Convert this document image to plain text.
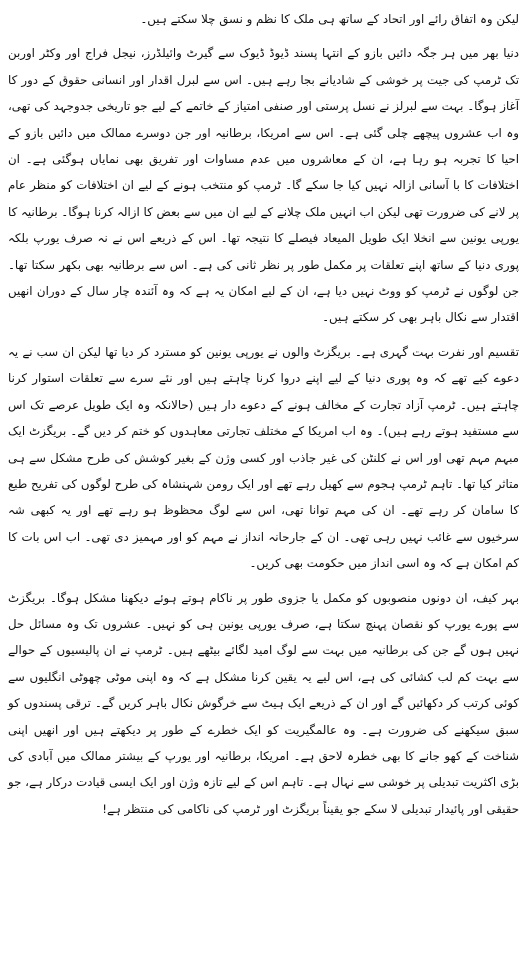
لیکن وہ اتفاق رائے اور اتحاد کے ساتھ ہی ملک کا نظم و نسق چلا سکتے ہیں۔

دنیا بھر میں ہر جگہ دائیں بازو کے انتہا پسند ڈیوڈ ڈیوک سے گیرٹ وائیلڈرز، نیجل فراج اور وکٹر اوربن تک ٹرمپ کی جیت پر خوشی کے شادیانے بجا رہے ہیں۔ اس سے لبرل اقدار اور انسانی حقوق کے دور کا آغاز ہوگا۔ بہت سے لبرلز نے نسل پرستی اور صنفی امتیاز کے خاتمے کے لیے جو تاریخی جدوجہد کی تھی، وہ اب عشروں پیچھے چلی گئی ہے۔ اس سے امریکا، برطانیہ اور جن دوسرے ممالک میں دائیں بازو کے احیا کا تجربہ ہو رہا ہے، ان کے معاشروں میں عدم مساوات اور تفریق بھی نمایاں ہوگئی ہے۔ ان اختلافات کا با آسانی ازالہ نہیں کیا جا سکے گا۔ ٹرمپ کو منتخب ہونے کے لیے ان اختلافات کو منظر عام پر لانے کی ضرورت تھی لیکن اب انہیں ملک چلانے کے لیے ان میں سے بعض کا ازالہ کرنا ہوگا۔ برطانیہ کا یورپی یونین سے انخلا ایک طویل المیعاد فیصلے کا نتیجہ تھا۔ اس کے ذریعے اس نے نہ صرف یورپ بلکہ پوری دنیا کے ساتھ اپنے تعلقات پر مکمل طور پر نظر ثانی کی ہے۔ اس سے برطانیہ بھی بکھر سکتا تھا۔ جن لوگوں نے ٹرمپ کو ووٹ نہیں دیا ہے، ان کے لیے امکان یہ ہے کہ وہ آئندہ چار سال کے دوران انھیں اقتدار سے نکال باہر بھی کر سکتے ہیں۔

تقسیم اور نفرت بہت گہری ہے۔ بریگزٹ والوں نے یورپی یونین کو مسترد کر دیا تھا لیکن ان سب نے یہ دعوے کیے تھے کہ وہ پوری دنیا کے لیے اپنے دروا کرنا چاہتے ہیں اور نئے سرے سے تعلقات استوار کرنا چاہتے ہیں۔ ٹرمپ آزاد تجارت کے مخالف ہونے کے دعوے دار ہیں (حالانکہ وہ ایک طویل عرصے تک اس سے مستفید ہوتے رہے ہیں)۔ وہ اب امریکا کے مختلف تجارتی معاہدوں کو ختم کر دیں گے۔ بریگزٹ ایک مبہم مہم تھی اور اس نے کلنٹن کی غیر جاذب اور کسی وژن کے بغیر کوشش کی طرح مشکل سے ہی متاثر کیا تھا۔ تاہم ٹرمپ ہجوم سے کھیل رہے تھے اور ایک رومن شہنشاہ کی طرح لوگوں کی تفریح طبع کا سامان کر رہے تھے۔ ان کی مہم توانا تھی، اس سے لوگ محظوظ ہو رہے تھے اور یہ کبھی شہ سرخیوں سے غائب نہیں رہی تھی۔ ان کے جارحانہ انداز نے مہم کو اور مہمیز دی تھی۔ اب اس بات کا کم امکان ہے کہ وہ اسی انداز میں حکومت بھی کریں۔

بہر کیف، ان دونوں منصوبوں کو مکمل یا جزوی طور پر ناکام ہوتے ہوئے دیکھنا مشکل ہوگا۔ بریگزٹ سے پورے یورپ کو نقصان پہنچ سکتا ہے، صرف یورپی یونین ہی کو نہیں۔ عشروں تک وہ مسائل حل نہیں ہوں گے جن کی برطانیہ میں بہت سے لوگ امید لگائے بیٹھے ہیں۔ ٹرمپ نے ان پالیسیوں کے حوالے سے بہت کم لب کشائی کی ہے، اس لیے یہ یقین کرنا مشکل ہے کہ وہ اپنی موٹی چھوٹی انگلیوں سے کوئی کرتب کر دکھائیں گے اور ان کے ذریعے ایک ہیٹ سے خرگوش نکال باہر کریں گے۔ ترقی پسندوں کو سبق سیکھنے کی ضرورت ہے۔ وہ عالمگیریت کو ایک خطرے کے طور پر دیکھتے ہیں اور انھیں اپنی شناخت کے کھو جانے کا بھی خطرہ لاحق ہے۔ امریکا، برطانیہ اور یورپ کے بیشتر ممالک میں آبادی کی بڑی اکثریت تبدیلی پر خوشی سے نہال ہے۔ تاہم اس کے لیے تازہ وژن اور ایک ایسی قیادت درکار ہے، جو حقیقی اور پائیدار تبدیلی لا سکے جو یقیناً بریگزٹ اور ٹرمپ کی ناکامی کی منتظر ہے!
